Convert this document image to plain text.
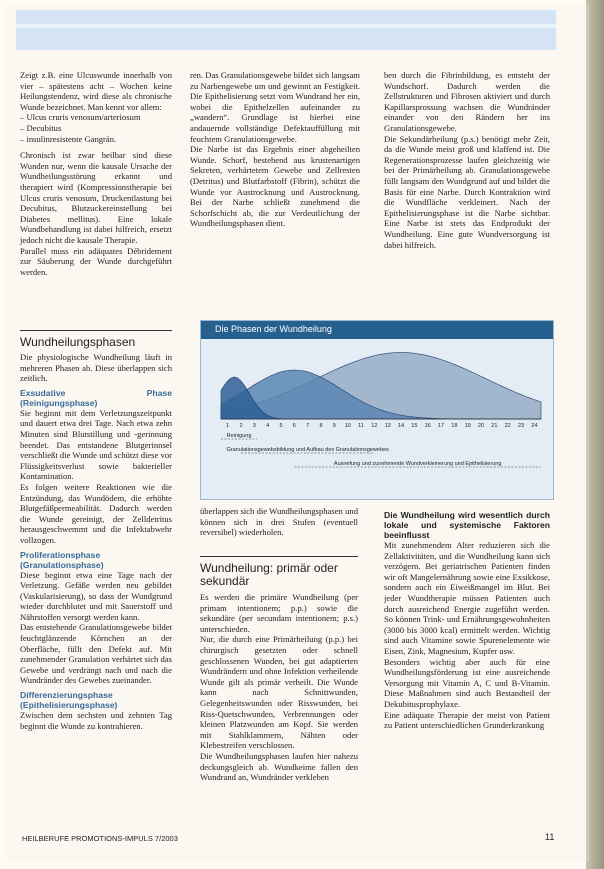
Zeigt z.B. eine Ulcuswunde innerhalb von vier – spätestens acht – Wochen keine Heilungstendenz, wird diese als chronische Wunde bezeichnet. Man kennt vor allem:

– Ulcus cruris venosum/arteriosum

– Decubitus

– insulinresistente Gangrän.

Chronisch ist zwar heilbar sind diese Wunden nur, wenn die kausale Ursache der Wundheilungsstörung erkannt und therapiert wird (Kompressionstherapie bei Ulcus cruris venosum, Druckentlastung bei Decubitus, Blutzuckereinstellung bei Diabetes mellitus). Eine lokale Wundbehandlung ist dabei hilfreich, ersetzt jedoch nicht die kausale Therapie.

Parallel muss ein adäquates Débridement zur Säuberung der Wunde durchgeführt werden.

Wundheilungsphasen

Die physiologische Wundheilung läuft in mehreren Phasen ab. Diese überlappen sich zeitlich.

Exsudative Phase (Reinigungsphase)

Sie beginnt mit dem Verletzungszeitpunkt und dauert etwa drei Tage. Nach etwa zehn Minuten sind Blutstillung und -gerinnung beendet. Das entstandene Blutgerinnsel verschließt die Wunde und schützt diese vor Flüssigkeitsverlust sowie bakterieller Kontamination.

Es folgen weitere Reaktionen wie die Entzündung, das Wundödem, die erhöhte Blutgefäßpermeabilität. Dadurch werden die Wunde gereinigt, der Zelldetritus herausgeschwemmt und die Infektabwehr vollzogen.

Proliferationsphase (Granulationsphase)

Diese beginnt etwa eine Tage nach der Verletzung. Gefäße werden neu gebildet (Vaskularisierung), so dass der Wundgrund wieder durchblutet und mit Sauerstoff und Nährstoffen versorgt werden kann.

Das entstehende Granulationsgewebe bildet feuchtglänzende Körnchen an der Oberfläche, füllt den Defekt auf. Mit zunehmender Granulation verhärtet sich das Gewebe und verdrängt nach und nach die Wundränder des Gewebes zueinander.

Differenzierungsphase (Epithelisierungsphase)

Zwischen dem sechsten und zehnten Tag beginnt die Wunde zu kontrahieren.

ren. Das Granulationsgewebe bildet sich langsam zu Narbengewebe um und gewinnt an Festigkeit. Die Epithelisierung setzt vom Wundrand her ein, wobei die Epithelzellen aufeinander zu „wandern“. Grundlage ist hierbei eine andauernde vollständige Defektauffüllung mit feuchtem Granulationsgewebe.

Die Narbe ist das Ergebnis einer abgeheilten Wunde. Schorf, bestehend aus krustenartigen Sekreten, verhärtetem Gewebe und Zellresten (Detritus) und Blutfarbstoff (Fibrin), schützt die Wunde vor Austrocknung und Austrocknung. Bei der Narbe schließt zunehmend die Schorfschicht ab, die zur Verdeutlichung der Wundheilungsphasen dient.

ben durch die Fibrinbildung, es entsteht der Wundschorf. Dadurch werden die Zellstrukturen und Fibrosen aktiviert und durch Kapillarsprossung wachsen die Wundränder einander von den Rändern her ins Granulationsgewebe.

Die Sekundärheilung (p.s.) benötigt mehr Zeit, da die Wunde meist groß und klaffend ist. Die Regenerationsprozesse laufen gleichzeitig wie bei der Primärheilung ab. Granulationsgewebe füllt langsam den Wundgrund auf und bildet die Basis für eine Narbe. Durch Kontraktion wird die Wundfläche verkleinert. Nach der Epithelisierungsphase ist die Narbe sichtbar. Eine Narbe ist stets das Endprodukt der Wundheilung. Eine gute Wundversorgung ist dabei hilfreich.

Die Phasen der Wundheilung
1 2 3 4 5 6 7 8 9 10 11 12 13 14 15 16 17 18 19 20 21 22 23 24
Reinigung
Granulationsgewebsbildung und Aufbau des Granulationsgewebes
Ausreifung und zunehmende Wundverkleinerung und Epithelisierung

überlappen sich die Wundheilungsphasen und können sich in drei Stufen (eventuell reversibel) wiederholen.

Wundheilung: primär oder sekundär

Es werden die primäre Wundheilung (per primam intentionem; p.p.) sowie die sekundäre (per secundam intentionem; p.s.) unterschieden.

Nur, die durch eine Primärheilung (p.p.) bei chirurgisch gesetzten oder schnell geschlossenen Wunden, bei gut adaptierten Wundrändern und ohne Infektion verheilende Wunde gilt als primär verheilt. Die Wunde kann nach Schnittwunden, Gelegenheitswunden oder Risswunden, bei Riss-Quetschwunden, Verbrennungen oder kleinen Platzwunden am Kopf. Sie werden mit Stahlklammern, Nähten oder Klebestreifen verschlossen.

Die Wundheilungsphasen laufen hier nahezu deckungsgleich ab. Wundkeime fallen den Wundrand an, Wundränder verkleben

Die Wundheilung wird wesentlich durch lokale und systemische Faktoren beeinflusst

Mit zunehmendem Alter reduzieren sich die Zellaktivitäten, und die Wundheilung kann sich verzögern. Bei geriatrischen Patienten finden wir oft Mangelernährung sowie eine Exsikkose, sondern auch ein Eiweißmangel im Blut. Bei jeder Wundtherapie müssen Patienten auch durch ausreichend Energie zugeführt werden. So können Trink- und Ernährungsgewohnheiten (3000 bis 3000 kcal) ermittelt werden. Wichtig sind auch Vitamine sowie Spurenelemente wie Eisen, Zink, Magnesium, Kupfer usw.

Besonders wichtig aber auch für eine Wundheilungsförderung ist eine ausreichende Versorgung mit Vitamin A, C und B-Vitamin. Diese Maßnahmen sind auch Bestandteil der Dekubitusprophylaxe.

Eine adäquate Therapie der meist von Patient zu Patient unterschiedlichen Grunderkrankung

HEILBERUFE PROMOTIONS-IMPULS 7/2003	11
